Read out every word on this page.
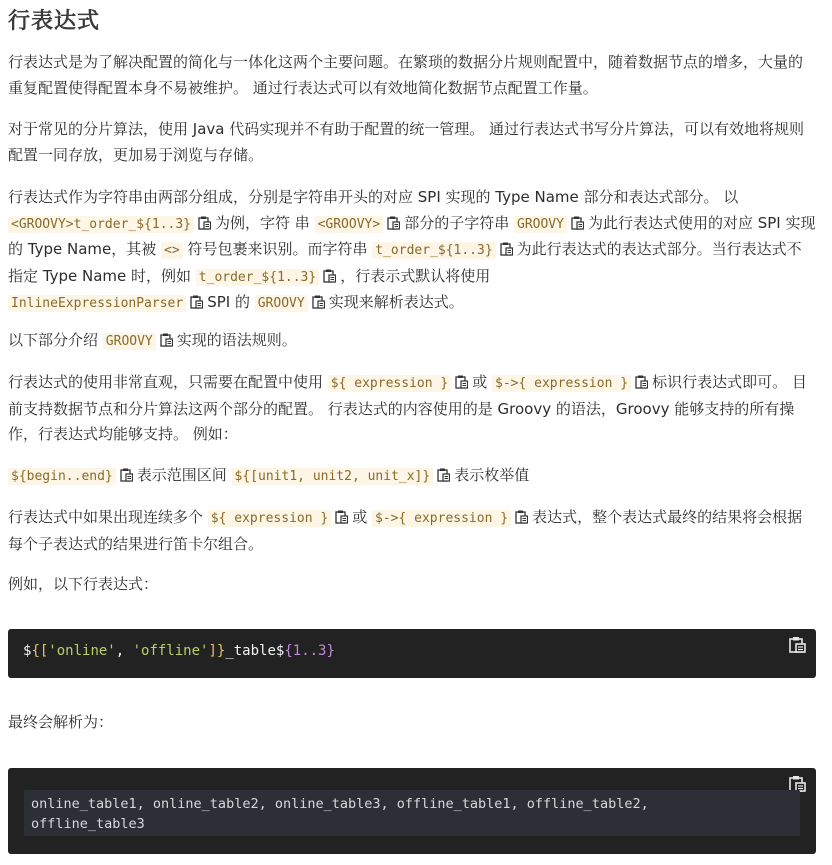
行表达式
行表达式是为了解决配置的简化与一体化这两个主要问题。在繁琐的数据分片规则配置中，随着数据节点的增多，大量的重复配置使得配置本身不易被维护。 通过行表达式可以有效地简化数据节点配置工作量。
对于常见的分片算法，使用 Java 代码实现并不有助于配置的统一管理。 通过行表达式书写分片算法，可以有效地将规则配置一同存放，更加易于浏览与存储。
行表达式作为字符串由两部分组成，分别是字符串开头的对应 SPI 实现的 Type Name 部分和表达式部分。 以 <GROOVY>t_order_${1..3} 为例，字符 串 <GROOVY> 部分的子字符串 GROOVY 为此行表达式使用的对应 SPI 实现的 Type Name，其被 <> 符号包裹来识别。而字符串 t_order_${1..3} 为此行表达式的表达式部分。当行表达式不指定 Type Name 时，例如 t_order_${1..3} ，行表示式默认将使用
InlineExpressionParser SPI 的 GROOVY 实现来解析表达式。
以下部分介绍 GROOVY 实现的语法规则。
行表达式的使用非常直观，只需要在配置中使用 ${ expression } 或 $->{ expression } 标识行表达式即可。 目前支持数据节点和分片算法这两个部分的配置。 行表达式的内容使用的是 Groovy 的语法，Groovy 能够支持的所有操作，行表达式均能够支持。 例如：
${begin..end} 表示范围区间 ${[unit1, unit2, unit_x]} 表示枚举值
行表达式中如果出现连续多个 ${ expression } 或 $->{ expression } 表达式，整个表达式最终的结果将会根据每个子表达式的结果进行笛卡尔组合。
例如，以下行表达式：
${['online', 'offline']}_table${1..3}
最终会解析为：
online_table1, online_table2, online_table3, offline_table1, offline_table2,
offline_table3
